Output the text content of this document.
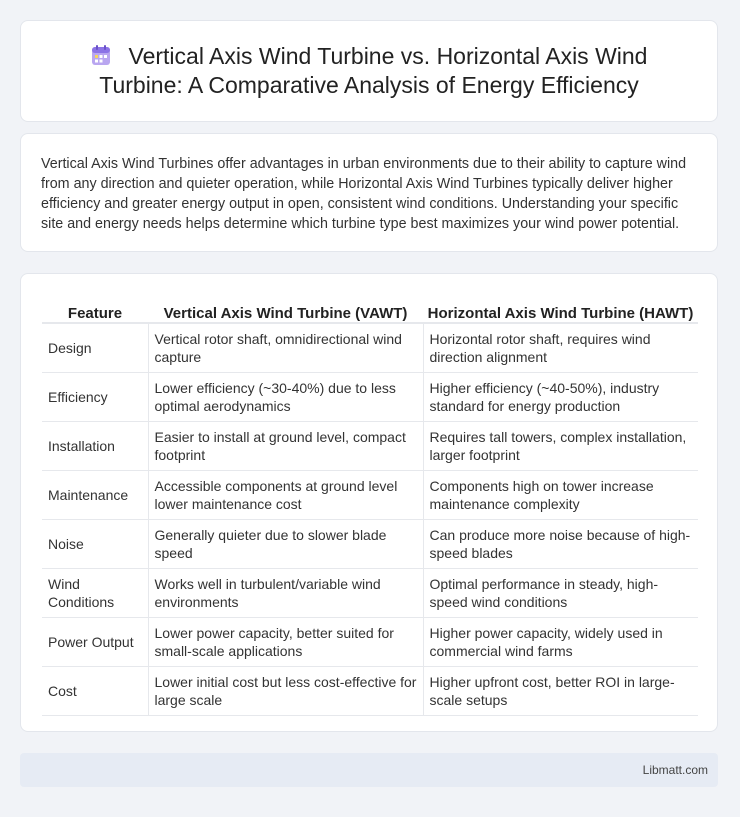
Vertical Axis Wind Turbine vs. Horizontal Axis Wind Turbine: A Comparative Analysis of Energy Efficiency

Vertical Axis Wind Turbines offer advantages in urban environments due to their ability to capture wind from any direction and quieter operation, while Horizontal Axis Wind Turbines typically deliver higher efficiency and greater energy output in open, consistent wind conditions. Understanding your specific site and energy needs helps determine which turbine type best maximizes your wind power potential.

Feature	Vertical Axis Wind Turbine (VAWT)	Horizontal Axis Wind Turbine (HAWT)
Design	Vertical rotor shaft, omnidirectional wind capture	Horizontal rotor shaft, requires wind direction alignment
Efficiency	Lower efficiency (~30-40%) due to less optimal aerodynamics	Higher efficiency (~40-50%), industry standard for energy production
Installation	Easier to install at ground level, compact footprint	Requires tall towers, complex installation, larger footprint
Maintenance	Accessible components at ground level lower maintenance cost	Components high on tower increase maintenance complexity
Noise	Generally quieter due to slower blade speed	Can produce more noise because of high-speed blades
Wind Conditions	Works well in turbulent/variable wind environments	Optimal performance in steady, high-speed wind conditions
Power Output	Lower power capacity, better suited for small-scale applications	Higher power capacity, widely used in commercial wind farms
Cost	Lower initial cost but less cost-effective for large scale	Higher upfront cost, better ROI in large-scale setups
Libmatt.com
